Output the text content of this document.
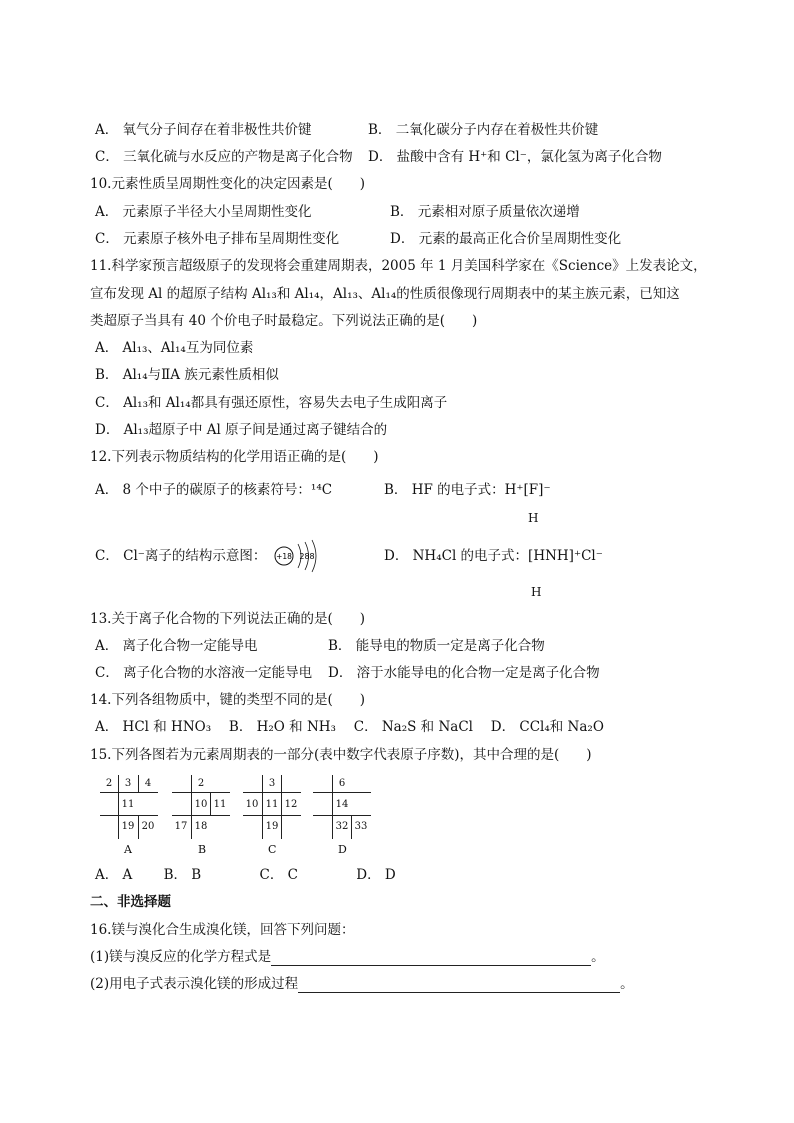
A． 氧气分子间存在着非极性共价键	B． 二氧化碳分子内存在着极性共价键
C． 三氧化硫与水反应的产物是离子化合物 D． 盐酸中含有 H⁺和 Cl⁻，氯化氢为离子化合物
10.元素性质呈周期性变化的决定因素是(　　)
A． 元素原子半径大小呈周期性变化	B． 元素相对原子质量依次递增
C． 元素原子核外电子排布呈周期性变化	D． 元素的最高正化合价呈周期性变化
11.科学家预言超级原子的发现将会重建周期表，2005 年 1 月美国科学家在《Science》上发表论文，
宣布发现 Al 的超原子结构 Al₁₃和 Al₁₄，Al₁₃、Al₁₄的性质很像现行周期表中的某主族元素，已知这
类超原子当具有 40 个价电子时最稳定。下列说法正确的是(　　)
A． Al₁₃、Al₁₄互为同位素
B． Al₁₄与ⅡA 族元素性质相似
C． Al₁₃和 Al₁₄都具有强还原性，容易失去电子生成阳离子
D． Al₁₃超原子中 Al 原子间是通过离子键结合的
12.下列表示物质结构的化学用语正确的是(　　)
A． 8 个中子的碳原子的核素符号：¹⁴C	B． HF 的电子式：H⁺[F]⁻
H
C． Cl⁻离子的结构示意图： +18 288	D． NH₄Cl 的电子式：[HNH]⁺Cl⁻
H
13.关于离子化合物的下列说法正确的是(　　)
A． 离子化合物一定能导电	B． 能导电的物质一定是离子化合物
C． 离子化合物的水溶液一定能导电 D． 溶于水能导电的化合物一定是离子化合物
14.下列各组物质中，键的类型不同的是(　　)
A． HCl 和 HNO₃　 B． H₂O 和 NH₃　 C． Na₂S 和 NaCl　 D． CCl₄和 Na₂O
15.下列各图若为元素周期表的一部分(表中数字代表原子序数)，其中合理的是(　　)
2	3	4
11
19 20
A
2
10 11
17 18
B
3
10 11 12
19
C
6
14
32 33
D
A． A　　 B． B　　　　 C． C　　　　 D． D
二、非选择题
16.镁与溴化合生成溴化镁，回答下列问题：
(1)镁与溴反应的化学方程式是	。
(2)用电子式表示溴化镁的形成过程	。
